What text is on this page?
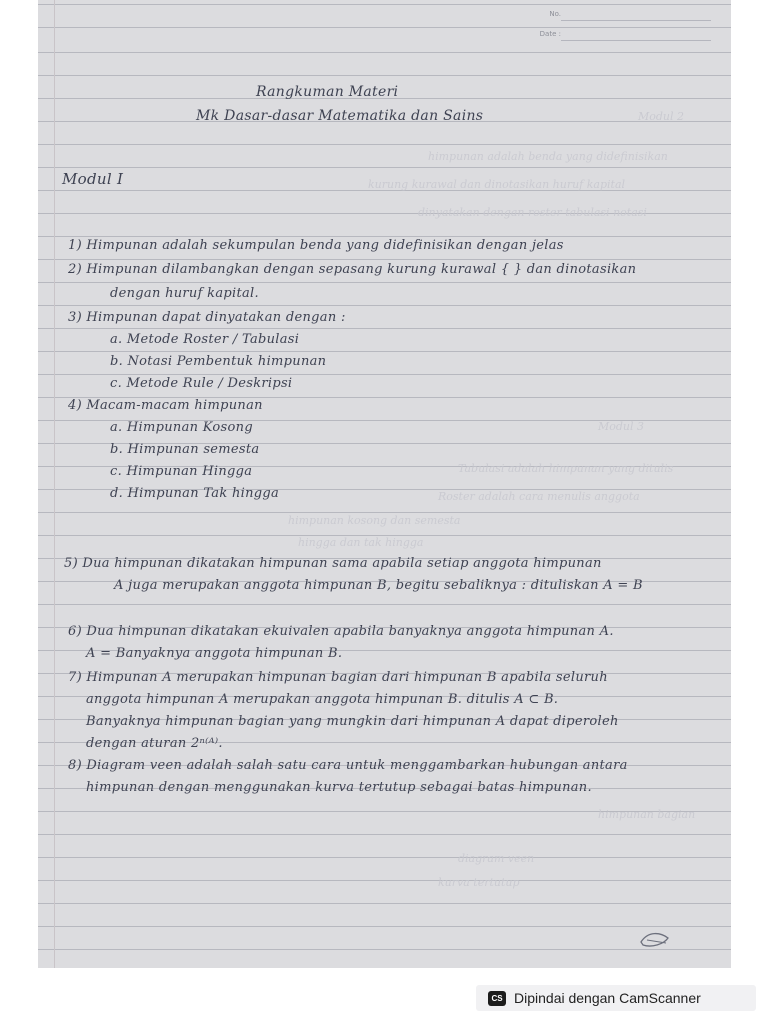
No.
Date :
Modul 2
himpunan adalah benda yang didefinisikan
kurung kurawal dan dinotasikan huruf kapital
dinyatakan dengan roster tabulasi notasi
Modul 3
Tabulasi adalah himpunan yang ditulis
Roster adalah cara menulis anggota
himpunan kosong dan semesta
hingga dan tak hingga
himpunan bagian
diagram veen
kurva tertutup
Rangkuman Materi
Mk Dasar-dasar Matematika dan Sains
Modul I
1) Himpunan adalah sekumpulan benda yang didefinisikan dengan jelas
2) Himpunan dilambangkan dengan sepasang kurung kurawal { } dan dinotasikan
dengan huruf kapital.
3) Himpunan dapat dinyatakan dengan :
a. Metode Roster / Tabulasi
b. Notasi Pembentuk himpunan
c. Metode Rule / Deskripsi
4) Macam-macam himpunan
a. Himpunan Kosong
b. Himpunan semesta
c. Himpunan Hingga
d. Himpunan Tak hingga
5) Dua himpunan dikatakan himpunan sama apabila setiap anggota himpunan
A juga merupakan anggota himpunan B, begitu sebaliknya : dituliskan A = B
6) Dua himpunan dikatakan ekuivalen apabila banyaknya anggota himpunan A.
A = Banyaknya anggota himpunan B.
7) Himpunan A merupakan himpunan bagian dari himpunan B apabila seluruh
anggota himpunan A merupakan anggota himpunan B. ditulis A ⊂ B.
Banyaknya himpunan bagian yang mungkin dari himpunan A dapat diperoleh
dengan aturan 2ⁿ⁽ᴬ⁾.
8) Diagram veen adalah salah satu cara untuk menggambarkan hubungan antara
himpunan dengan menggunakan kurva tertutup sebagai batas himpunan.
CS Dipindai dengan CamScanner
